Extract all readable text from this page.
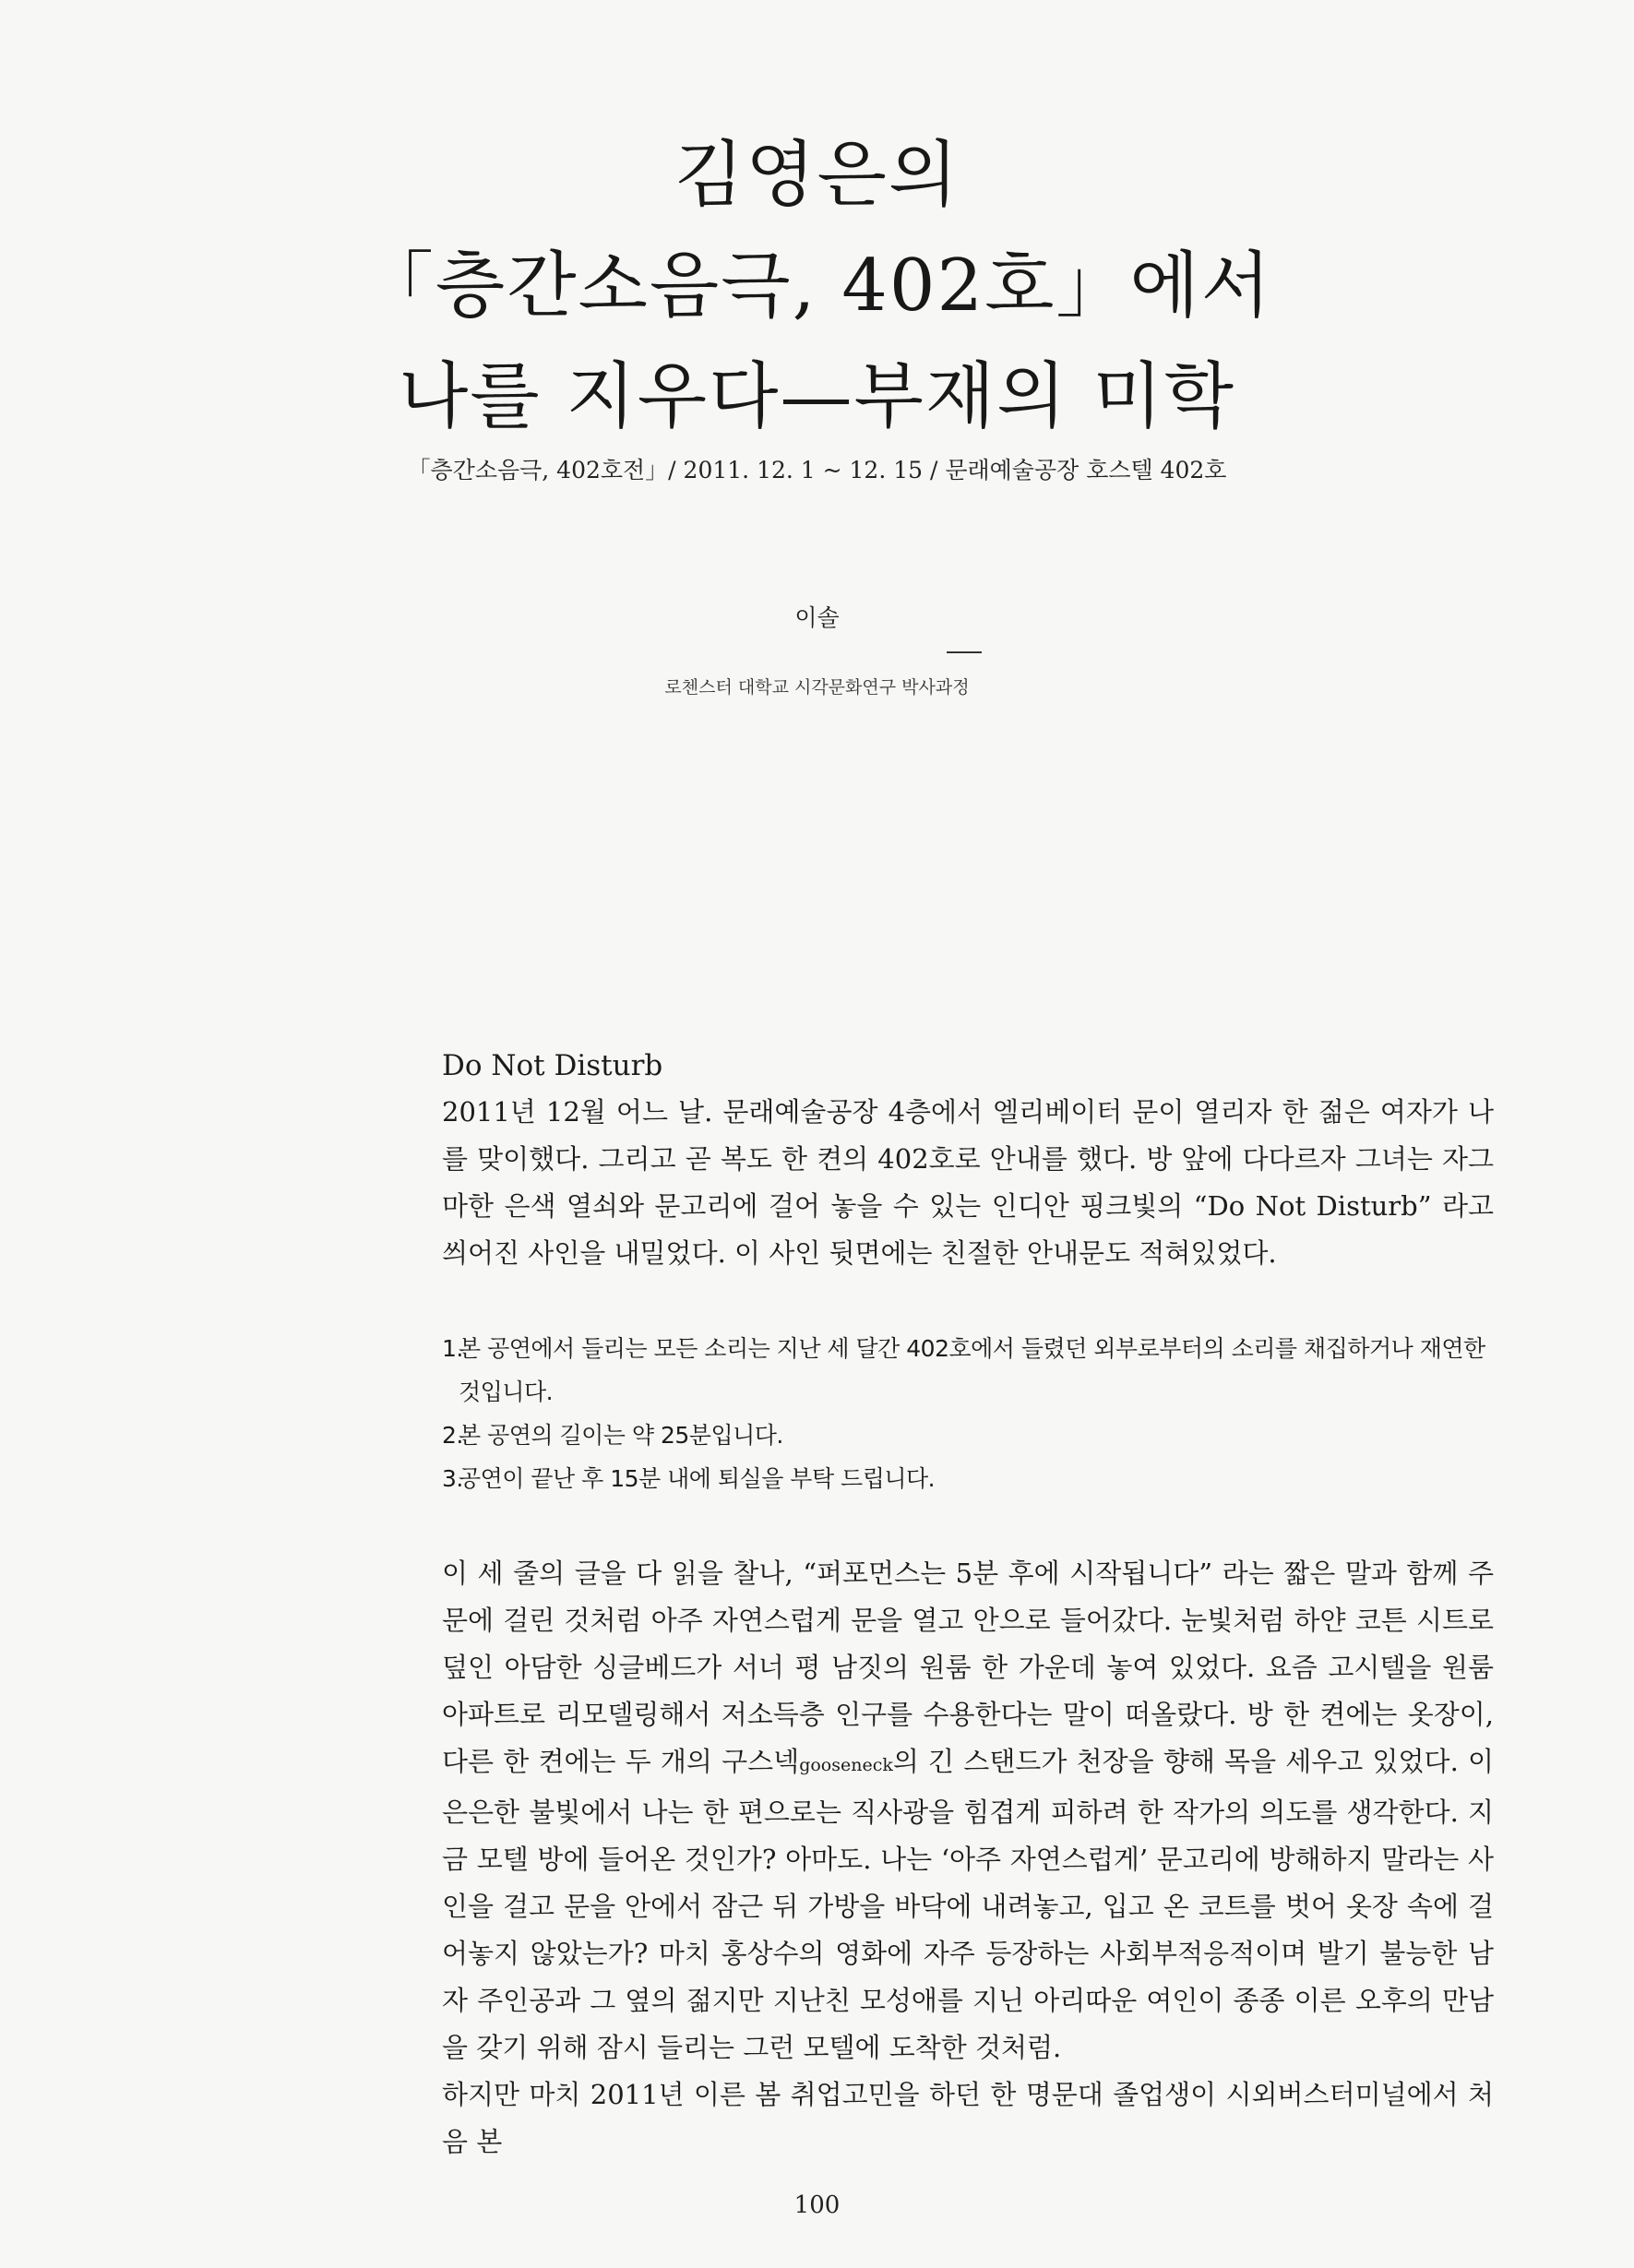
김영은의
「층간소음극, 402호」에서
나를 지우다—부재의 미학
「층간소음극, 402호전」/ 2011. 12. 1 ~ 12. 15 / 문래예술공장 호스텔 402호
이솔
로첸스터 대학교 시각문화연구 박사과정
Do Not Disturb

2011년 12월 어느 날. 문래예술공장 4층에서 엘리베이터 문이 열리자 한 젊은 여자가 나를 맞이했다. 그리고 곧 복도 한 켠의 402호로 안내를 했다. 방 앞에 다다르자 그녀는 자그마한 은색 열쇠와 문고리에 걸어 놓을 수 있는 인디안 핑크빛의 “Do Not Disturb” 라고 씌어진 사인을 내밀었다. 이 사인 뒷면에는 친절한 안내문도 적혀있었다.

1.본 공연에서 들리는 모든 소리는 지난 세 달간 402호에서 들렸던 외부로부터의 소리를 채집하거나 재연한 것입니다.
2.본 공연의 길이는 약 25분입니다.
3.공연이 끝난 후 15분 내에 퇴실을 부탁 드립니다.

이 세 줄의 글을 다 읽을 찰나, “퍼포먼스는 5분 후에 시작됩니다” 라는 짧은 말과 함께 주문에 걸린 것처럼 아주 자연스럽게 문을 열고 안으로 들어갔다. 눈빛처럼 하얀 코튼 시트로 덮인 아담한 싱글베드가 서너 평 남짓의 원룸 한 가운데 놓여 있었다. 요즘 고시텔을 원룸 아파트로 리모델링해서 저소득층 인구를 수용한다는 말이 떠올랐다. 방 한 켠에는 옷장이, 다른 한 켠에는 두 개의 구스넥gooseneck의 긴 스탠드가 천장을 향해 목을 세우고 있었다. 이 은은한 불빛에서 나는 한 편으로는 직사광을 힘겹게 피하려 한 작가의 의도를 생각한다. 지금 모텔 방에 들어온 것인가? 아마도. 나는 ‘아주 자연스럽게’ 문고리에 방해하지 말라는 사인을 걸고 문을 안에서 잠근 뒤 가방을 바닥에 내려놓고, 입고 온 코트를 벗어 옷장 속에 걸어놓지 않았는가? 마치 홍상수의 영화에 자주 등장하는 사회부적응적이며 발기 불능한 남자 주인공과 그 옆의 젊지만 지난친 모성애를 지닌 아리따운 여인이 종종 이른 오후의 만남을 갖기 위해 잠시 들리는 그런 모텔에 도착한 것처럼.

하지만 마치 2011년 이른 봄 취업고민을 하던 한 명문대 졸업생이 시외버스터미널에서 처음 본

100
